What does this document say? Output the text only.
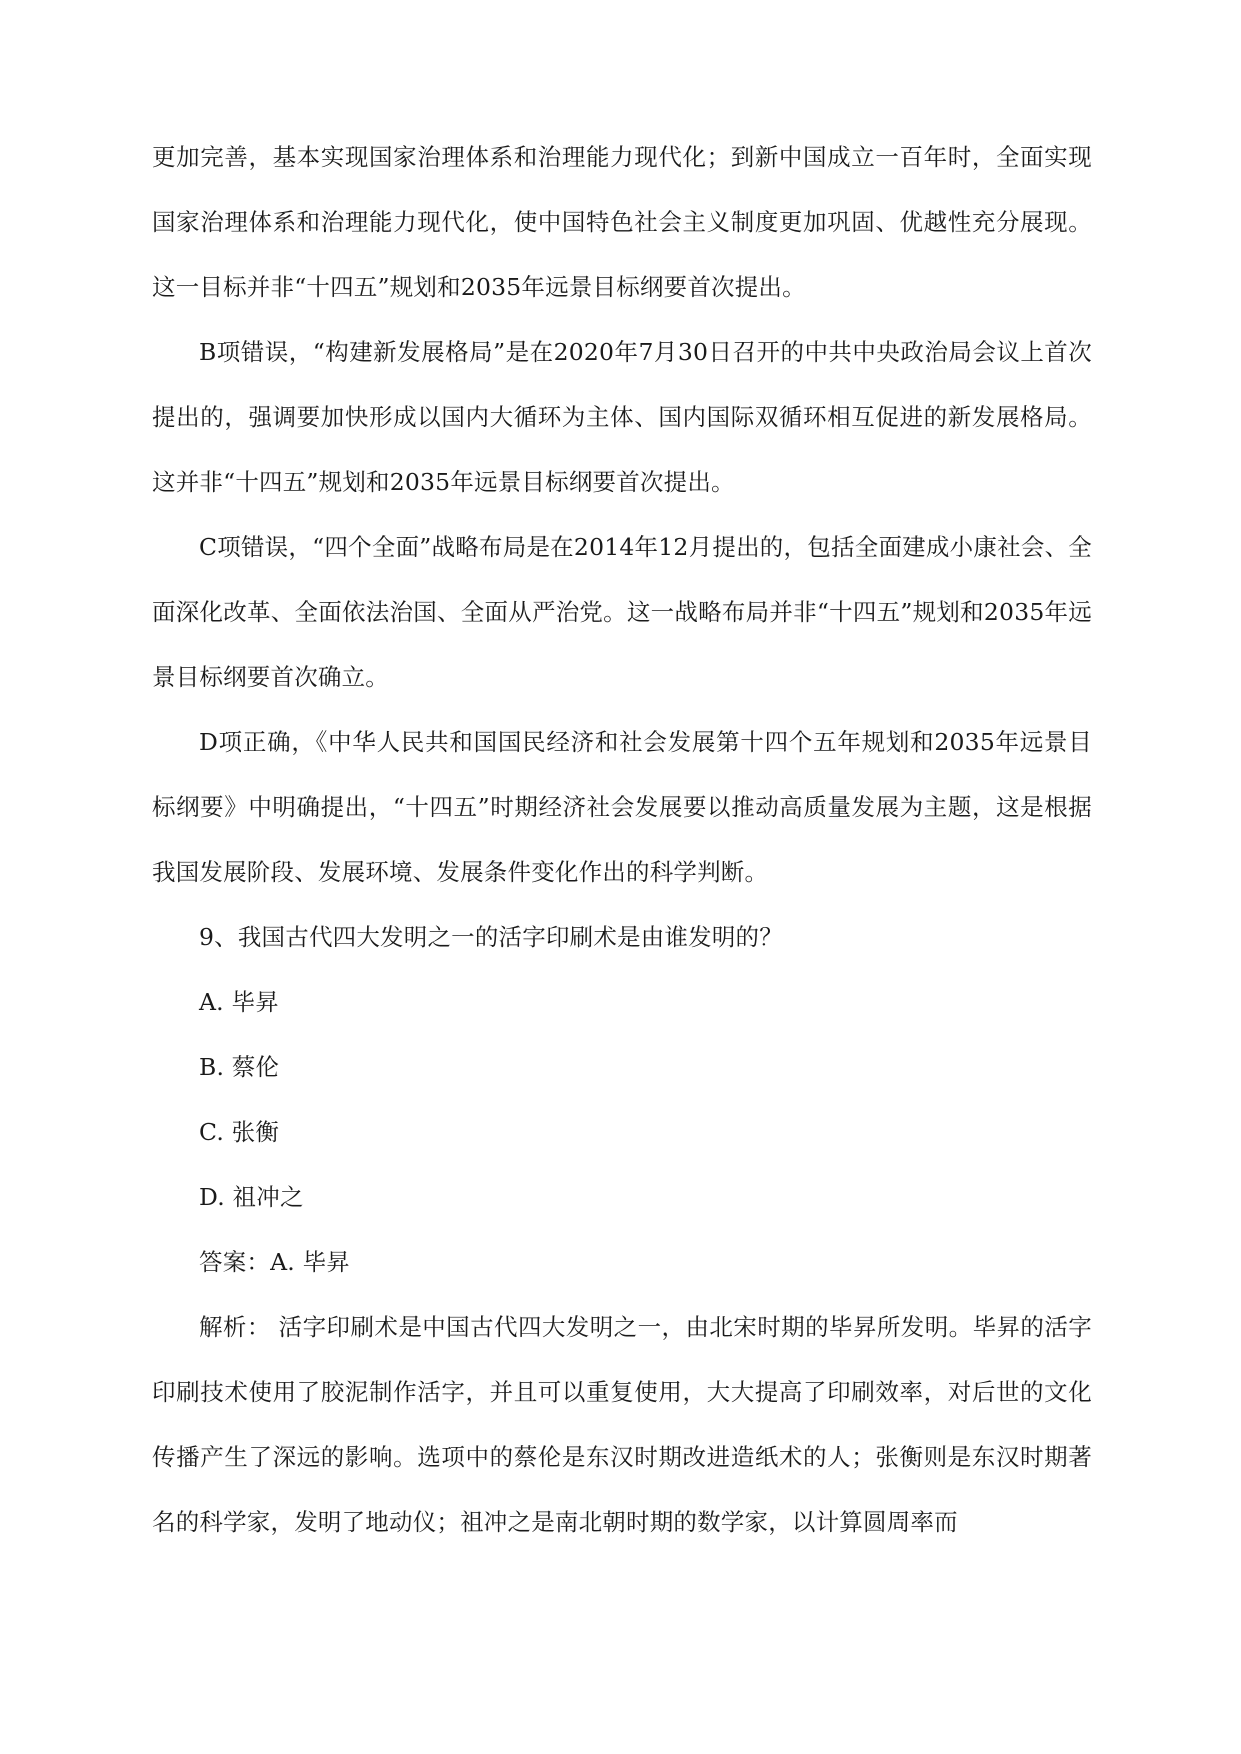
更加完善，基本实现国家治理体系和治理能力现代化；到新中国成立一百年时，全面实现国家治理体系和治理能力现代化，使中国特色社会主义制度更加巩固、优越性充分展现。这一目标并非“十四五”规划和2035年远景目标纲要首次提出。

B项错误，“构建新发展格局”是在2020年7月30日召开的中共中央政治局会议上首次提出的，强调要加快形成以国内大循环为主体、国内国际双循环相互促进的新发展格局。这并非“十四五”规划和2035年远景目标纲要首次提出。

C项错误，“四个全面”战略布局是在2014年12月提出的，包括全面建成小康社会、全面深化改革、全面依法治国、全面从严治党。这一战略布局并非“十四五”规划和2035年远景目标纲要首次确立。

D项正确，《中华人民共和国国民经济和社会发展第十四个五年规划和2035年远景目标纲要》中明确提出，“十四五”时期经济社会发展要以推动高质量发展为主题，这是根据我国发展阶段、发展环境、发展条件变化作出的科学判断。

9、我国古代四大发明之一的活字印刷术是由谁发明的？

A. 毕昇

B. 蔡伦

C. 张衡

D. 祖冲之

答案：A. 毕昇

解析： 活字印刷术是中国古代四大发明之一，由北宋时期的毕昇所发明。毕昇的活字印刷技术使用了胶泥制作活字，并且可以重复使用，大大提高了印刷效率，对后世的文化传播产生了深远的影响。选项中的蔡伦是东汉时期改进造纸术的人；张衡则是东汉时期著名的科学家，发明了地动仪；祖冲之是南北朝时期的数学家，以计算圆周率而
